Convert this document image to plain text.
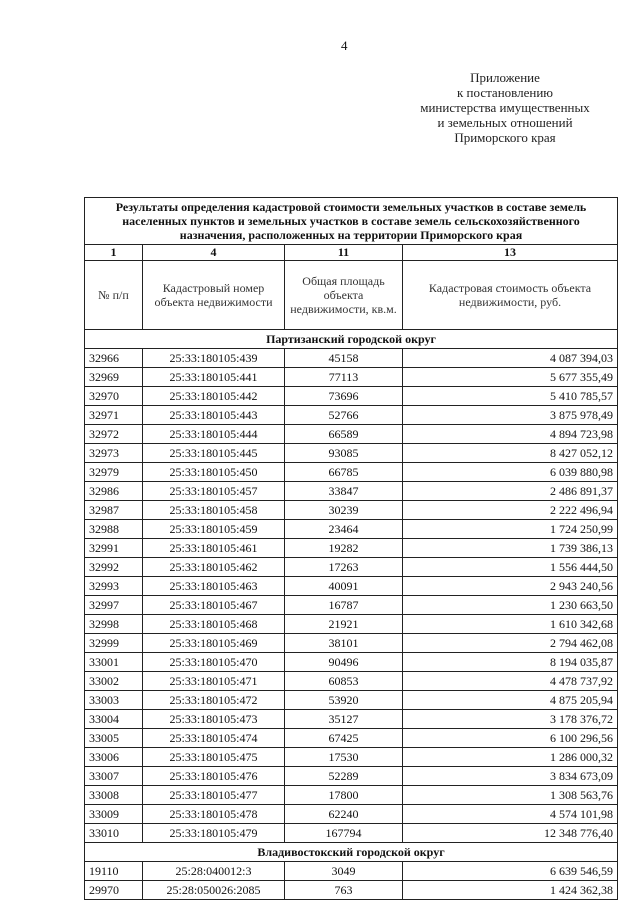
4
Приложение
к постановлению
министерства имущественных
и земельных отношений
Приморского края
Результаты определения кадастровой стоимости земельных участков в составе земель населенных пунктов и земельных участков в составе земель сельскохозяйственного назначения, расположенных на территории Приморского края			
1	4	11	13
№ п/п	Кадастровый номер объекта недвижимости	Общая площадь объекта недвижимости, кв.м.	Кадастровая стоимость объекта недвижимости, руб.
Партизанский городской округ			
32966	25:33:180105:439	45158	4 087 394,03
32969	25:33:180105:441	77113	5 677 355,49
32970	25:33:180105:442	73696	5 410 785,57
32971	25:33:180105:443	52766	3 875 978,49
32972	25:33:180105:444	66589	4 894 723,98
32973	25:33:180105:445	93085	8 427 052,12
32979	25:33:180105:450	66785	6 039 880,98
32986	25:33:180105:457	33847	2 486 891,37
32987	25:33:180105:458	30239	2 222 496,94
32988	25:33:180105:459	23464	1 724 250,99
32991	25:33:180105:461	19282	1 739 386,13
32992	25:33:180105:462	17263	1 556 444,50
32993	25:33:180105:463	40091	2 943 240,56
32997	25:33:180105:467	16787	1 230 663,50
32998	25:33:180105:468	21921	1 610 342,68
32999	25:33:180105:469	38101	2 794 462,08
33001	25:33:180105:470	90496	8 194 035,87
33002	25:33:180105:471	60853	4 478 737,92
33003	25:33:180105:472	53920	4 875 205,94
33004	25:33:180105:473	35127	3 178 376,72
33005	25:33:180105:474	67425	6 100 296,56
33006	25:33:180105:475	17530	1 286 000,32
33007	25:33:180105:476	52289	3 834 673,09
33008	25:33:180105:477	17800	1 308 563,76
33009	25:33:180105:478	62240	4 574 101,98
33010	25:33:180105:479	167794	12 348 776,40
Владивостокский городской округ			
19110	25:28:040012:3	3049	6 639 546,59
29970	25:28:050026:2085	763	1 424 362,38
